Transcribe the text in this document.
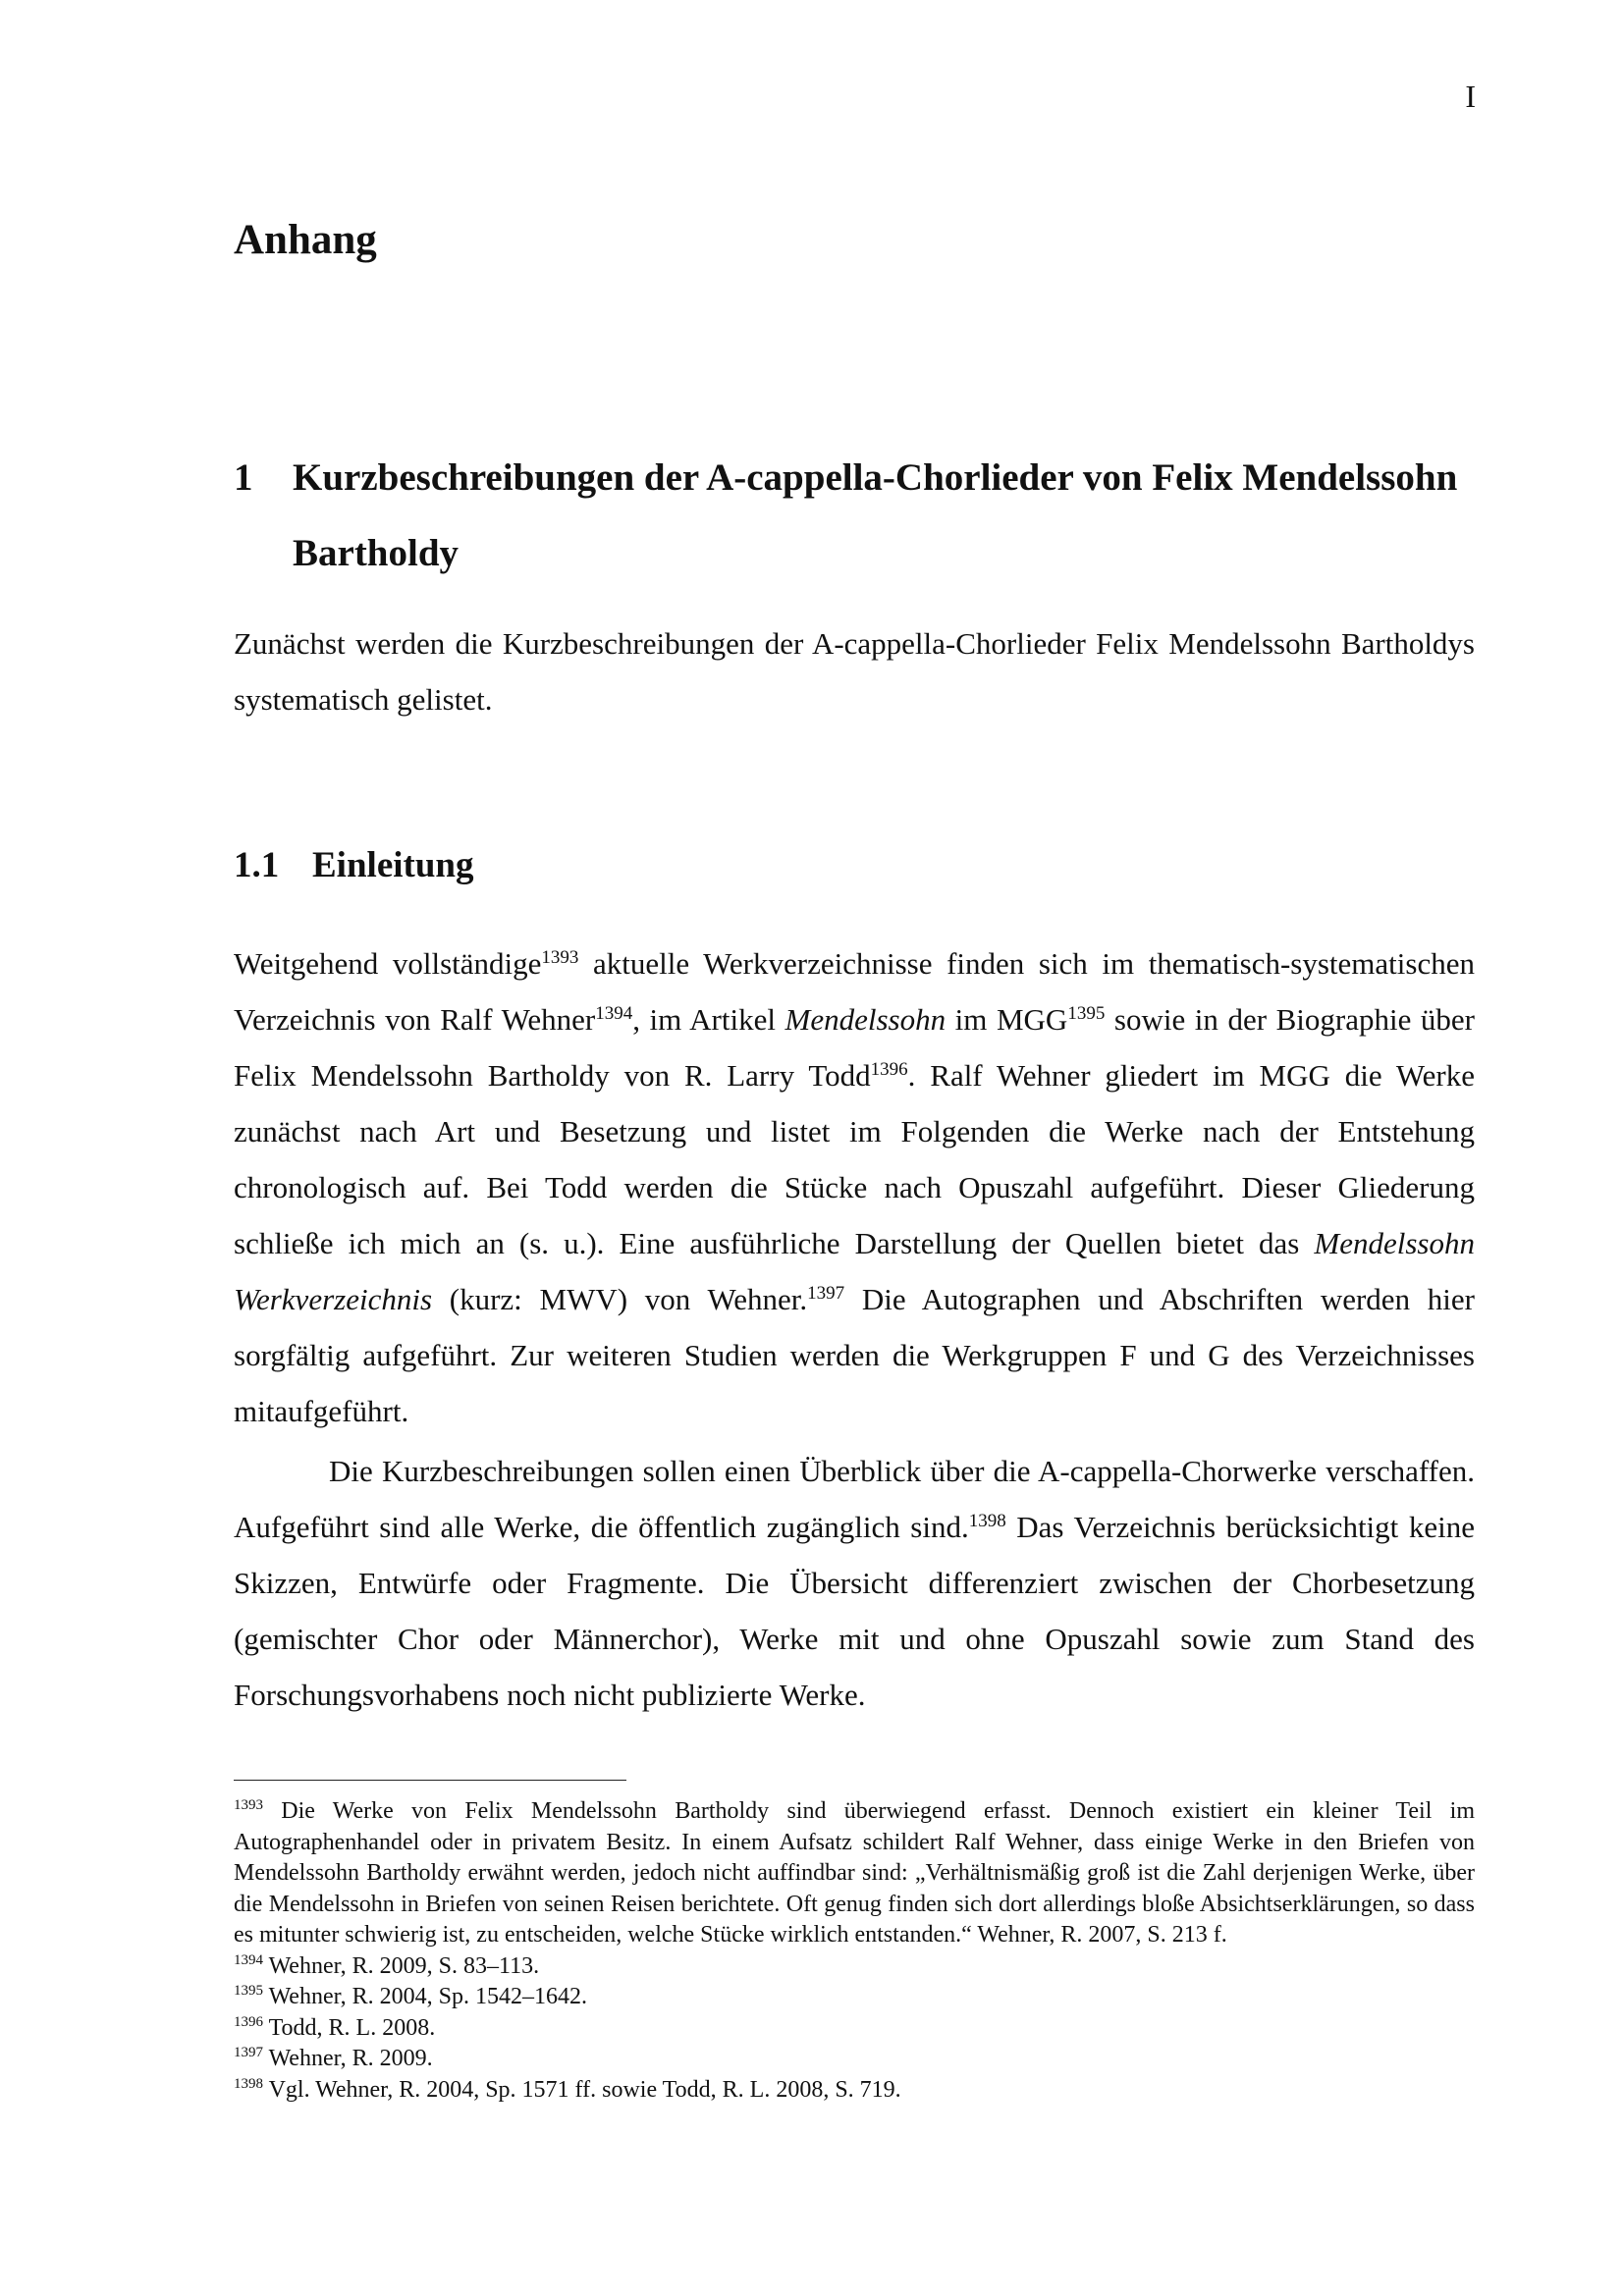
I
Anhang
1	Kurzbeschreibungen der A-cappella-Chorlieder von Felix Mendelssohn Bartholdy

Zunächst werden die Kurzbeschreibungen der A-cappella-Chorlieder Felix Mendelssohn Bartholdys systematisch gelistet.

1.1 Einleitung

Weitgehend vollständige$^{1393}$ aktuelle Werkverzeichnisse finden sich im thematisch-systematischen Verzeichnis von Ralf Wehner$^{1394}$, im Artikel Mendelssohn im $MGG^{1395}$ sowie in der Biographie über Felix Mendelssohn Bartholdy von R. Larry Todd$^{1396}$. Ralf Wehner gliedert im MGG die Werke zunächst nach Art und Besetzung und listet im Folgenden die Werke nach der Entstehung chronologisch auf. Bei Todd werden die Stücke nach Opuszahl aufgeführt. Dieser Gliederung schließe ich mich an (s. u.). Eine ausführliche Darstellung der Quellen bietet das Mendelssohn Werkverzeichnis (kurz: MWV) von Wehner.$^{1397}$ Die Autographen und Abschriften werden hier sorgfältig aufgeführt. Zur weiteren Studien werden die Werkgruppen F und G des Verzeichnisses mitaufgeführt.

Die Kurzbeschreibungen sollen einen Überblick über die A-cappella-Chorwerke verschaffen. Aufgeführt sind alle Werke, die öffentlich zugänglich sind.$^{1398}$ Das Verzeichnis berücksichtigt keine Skizzen, Entwürfe oder Fragmente. Die Übersicht differenziert zwischen der Chorbesetzung (gemischter Chor oder Männerchor), Werke mit und ohne Opuszahl sowie zum Stand des Forschungsvorhabens noch nicht publizierte Werke.

$^{1393}$ Die Werke von Felix Mendelssohn Bartholdy sind überwiegend erfasst. Dennoch existiert ein kleiner Teil im Autographenhandel oder in privatem Besitz. In einem Aufsatz schildert Ralf Wehner, dass einige Werke in den Briefen von Mendelssohn Bartholdy erwähnt werden, jedoch nicht auffindbar sind: „Verhältnismäßig groß ist die Zahl derjenigen Werke, über die Mendelssohn in Briefen von seinen Reisen berichtete. Oft genug finden sich dort allerdings bloße Absichtserklärungen, so dass es mitunter schwierig ist, zu entscheiden, welche Stücke wirklich entstanden.“ Wehner, R. 2007, S. 213 f.

$^{1394}$ Wehner, R. 2009, S. 83–113.

$^{1395}$ Wehner, R. 2004, Sp. 1542–1642.

$^{1396}$ Todd, R. L. 2008.

$^{1397}$ Wehner, R. 2009.

$^{1398}$ Vgl. Wehner, R. 2004, Sp. 1571 ff. sowie Todd, R. L. 2008, S. 719.
